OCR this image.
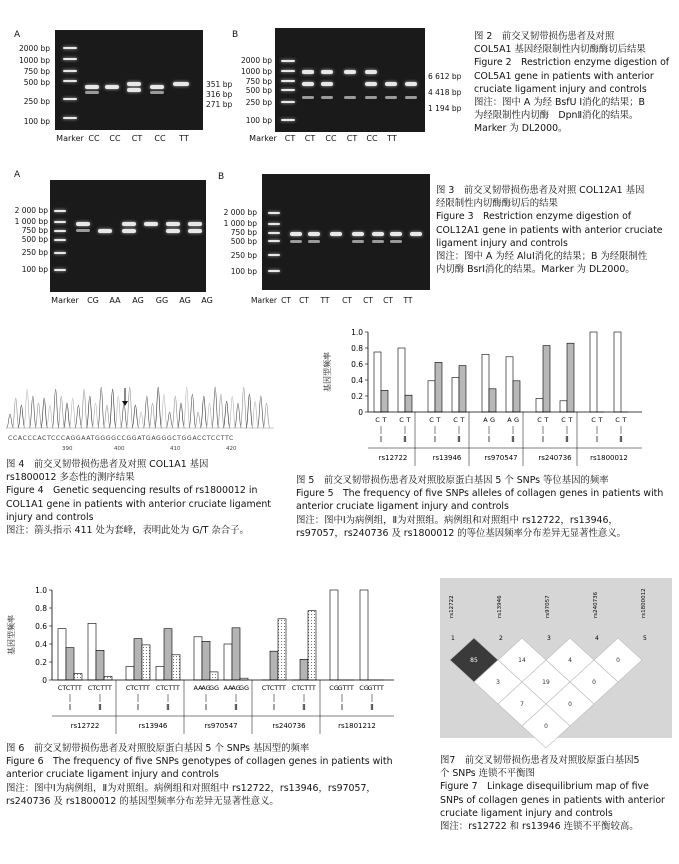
A
2000 bp
1000 bp
750 bp
500 bp
250 bp
100 bp
351 bp
316 bp
271 bp
Marker CC CC CT CC TT
B
2000 bp
1000 bp
750 bp
500 bp
250 bp
100 bp
6 612 bp
4 418 bp
1 194 bp
Marker CT CT CC CT CC TT
图 2　前交叉韧带损伤患者及对照
COL5A1 基因经限制性内切酶酶切后结果
Figure 2　Restriction enzyme digestion of
COL5A1 gene in patients with anterior
cruciate ligament injury and controls
图注：图中 A 为经 BsfU Ⅰ消化的结果；B
为经限制性内切酶　DpnⅡ消化的结果。
Marker 为 DL2000。
A
2 000 bp
1 000 bp
750 bp
500 bp
250 bp
100 bp
Marker CG AA AG GG AG AG
B
2 000 bp
1 000 bp
750 bp
500 bp
250 bp
100 bp
Marker CT CT TT CT CT CT TT
图 3　前交叉韧带损伤患者及对照 COL12A1 基因
经限制性内切酶酶切后的结果
Figure 3　Restriction enzyme digestion of
COL12A1 gene in patients with anterior cruciate
ligament injury and controls
图注：图中 A 为经 AluⅠ消化的结果；B 为经限制性
内切酶 BsrⅠ消化的结果。Marker 为 DL2000。
CCACCCACTCCCAGGAATGGGGCCGGATGAGGGCTGGACCTCCTTC
390	400	410	420
图 4　前交叉韧带损伤患者及对照 COL1A1 基因
rs1800012 多态性的测序结果
Figure 4　Genetic sequencing results of rs1800012 in
COL1A1 gene in patients with anterior cruciate ligament
injury and controls
图注：箭头指示 411 处为套峰，表明此处为 G/T 杂合子。
基因型频率
0
0.2
0.4
0.6
0.8
1.0
C T
Ⅰ
C T
Ⅱ
rs12722
C T
Ⅰ
C T
Ⅱ
rs13946
A G
Ⅰ
A G
Ⅱ
rs970547
C T
Ⅰ
C T
Ⅱ
rs240736
C T
Ⅰ
C T
Ⅱ
rs1800012
图 5　前交叉韧带损伤患者及对照胶原蛋白基因 5 个 SNPs 等位基因的频率
Figure 5　The frequency of five SNPs alleles of collagen genes in patients with
anterior cruciate ligament injury and controls
图注：图中Ⅰ为病例组，Ⅱ为对照组。病例组和对照组中 rs12722，rs13946，
rs97057，rs240736 及 rs1800012 的等位基因频率分布差异无显著性意义。
基因型频率
0
0.2
0.4
0.6
0.8
1.0
CT CT TT
Ⅰ
CT CT TT
Ⅱ
rs12722
CT CT TT
Ⅰ
CT CT TT
Ⅱ
rs13946
AA
AG
GG
Ⅰ
AA
AG
GG
Ⅱ
rs970547
CT CT TT
Ⅰ
CT CT TT
Ⅱ
rs240736
CG
GT TT
Ⅰ
CG
GT TT
Ⅱ
rs1801212
图 6　前交叉韧带损伤患者及对照胶原蛋白基因 5 个 SNPs 基因型的频率
Figure 6　The frequency of five SNPs genotypes of collagen genes in patients with
anterior cruciate ligament injury and controls
图注：图中Ⅰ为病例组，Ⅱ为对照组。病例组和对照组中 rs12722，rs13946，rs97057，
rs240736 及 rs1800012 的基因型频率分布差异无显著性意义。
rs12722
1
rs13946
2
rs97057
3
rs240736
4
rs1800012
5
85	14	4	0
3	19	0
7	0
0
图7　前交叉韧带损伤患者及对照胶原蛋白基因5
个 SNPs 连锁不平衡图
Figure 7　Linkage disequilibrium map of five
SNPs of collagen genes in patients with anterior
cruciate ligament injury and controls
图注：rs12722 和 rs13946 连锁不平衡较高。
